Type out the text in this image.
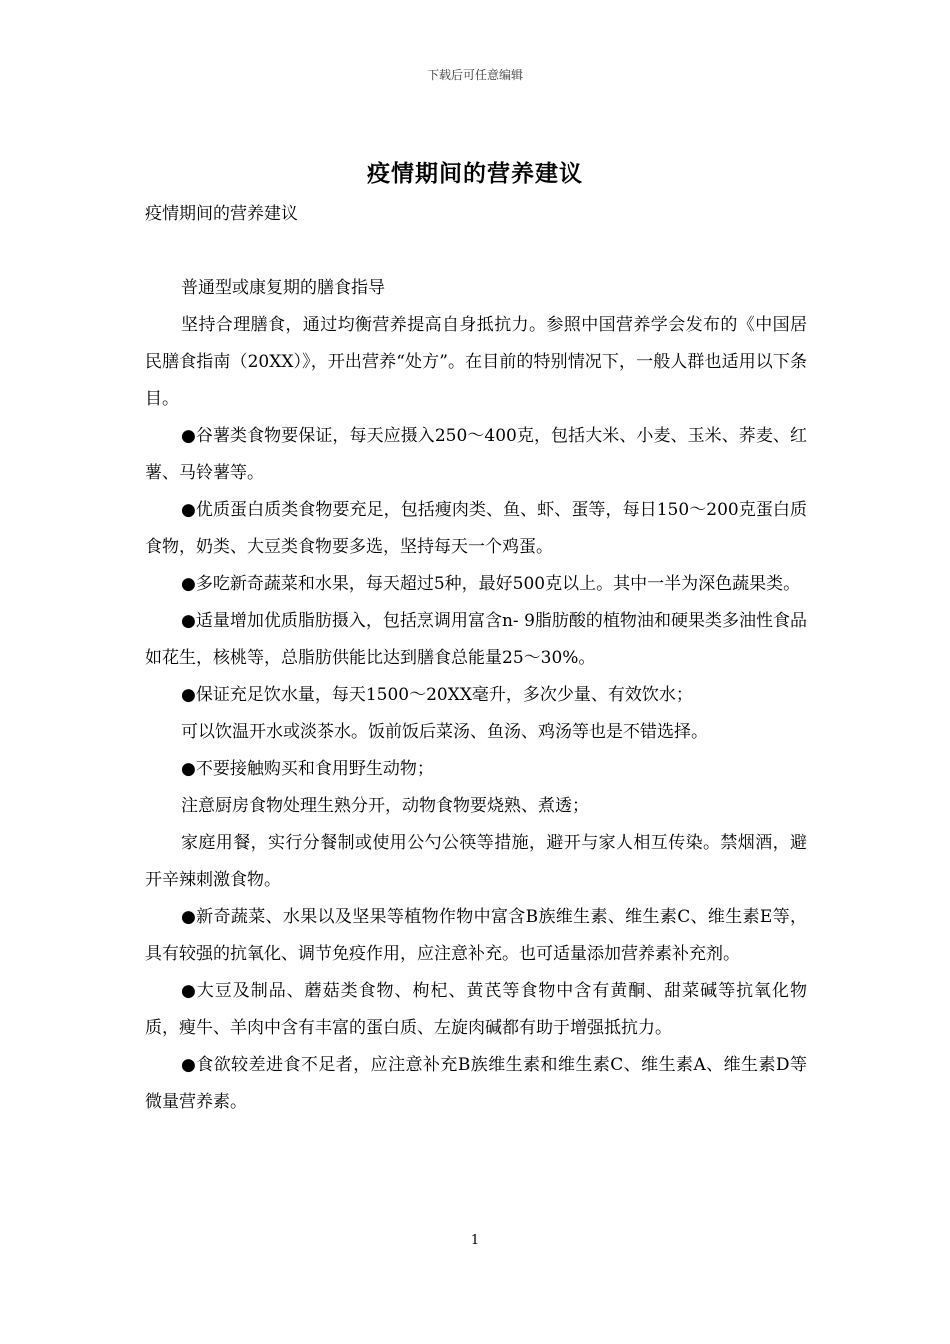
下载后可任意编辑
疫情期间的营养建议

疫情期间的营养建议

普通型或康复期的膳食指导

坚持合理膳食，通过均衡营养提高自身抵抗力。参照中国营养学会发布的《中国居民膳食指南（20XX）》，开出营养“处方”。在目前的特别情况下，一般人群也适用以下条目。

●谷薯类食物要保证，每天应摄入250～400克，包括大米、小麦、玉米、荞麦、红薯、马铃薯等。

●优质蛋白质类食物要充足，包括瘦肉类、鱼、虾、蛋等，每日150～200克蛋白质食物，奶类、大豆类食物要多选，坚持每天一个鸡蛋。

●多吃新奇蔬菜和水果，每天超过5种，最好500克以上。其中一半为深色蔬果类。

●适量增加优质脂肪摄入，包括烹调用富含n- 9脂肪酸的植物油和硬果类多油性食品如花生，核桃等，总脂肪供能比达到膳食总能量25～30%。

●保证充足饮水量，每天1500～20XX毫升，多次少量、有效饮水；

可以饮温开水或淡茶水。饭前饭后菜汤、鱼汤、鸡汤等也是不错选择。

●不要接触购买和食用野生动物；

注意厨房食物处理生熟分开，动物食物要烧熟、煮透；

家庭用餐，实行分餐制或使用公勺公筷等措施，避开与家人相互传染。禁烟酒，避开辛辣刺激食物。

●新奇蔬菜、水果以及坚果等植物作物中富含B族维生素、维生素C、维生素E等，具有较强的抗氧化、调节免疫作用，应注意补充。也可适量添加营养素补充剂。

●大豆及制品、蘑菇类食物、枸杞、黄芪等食物中含有黄酮、甜菜碱等抗氧化物质，瘦牛、羊肉中含有丰富的蛋白质、左旋肉碱都有助于增强抵抗力。

●食欲较差进食不足者，应注意补充B族维生素和维生素C、维生素A、维生素D等微量营养素。

1
